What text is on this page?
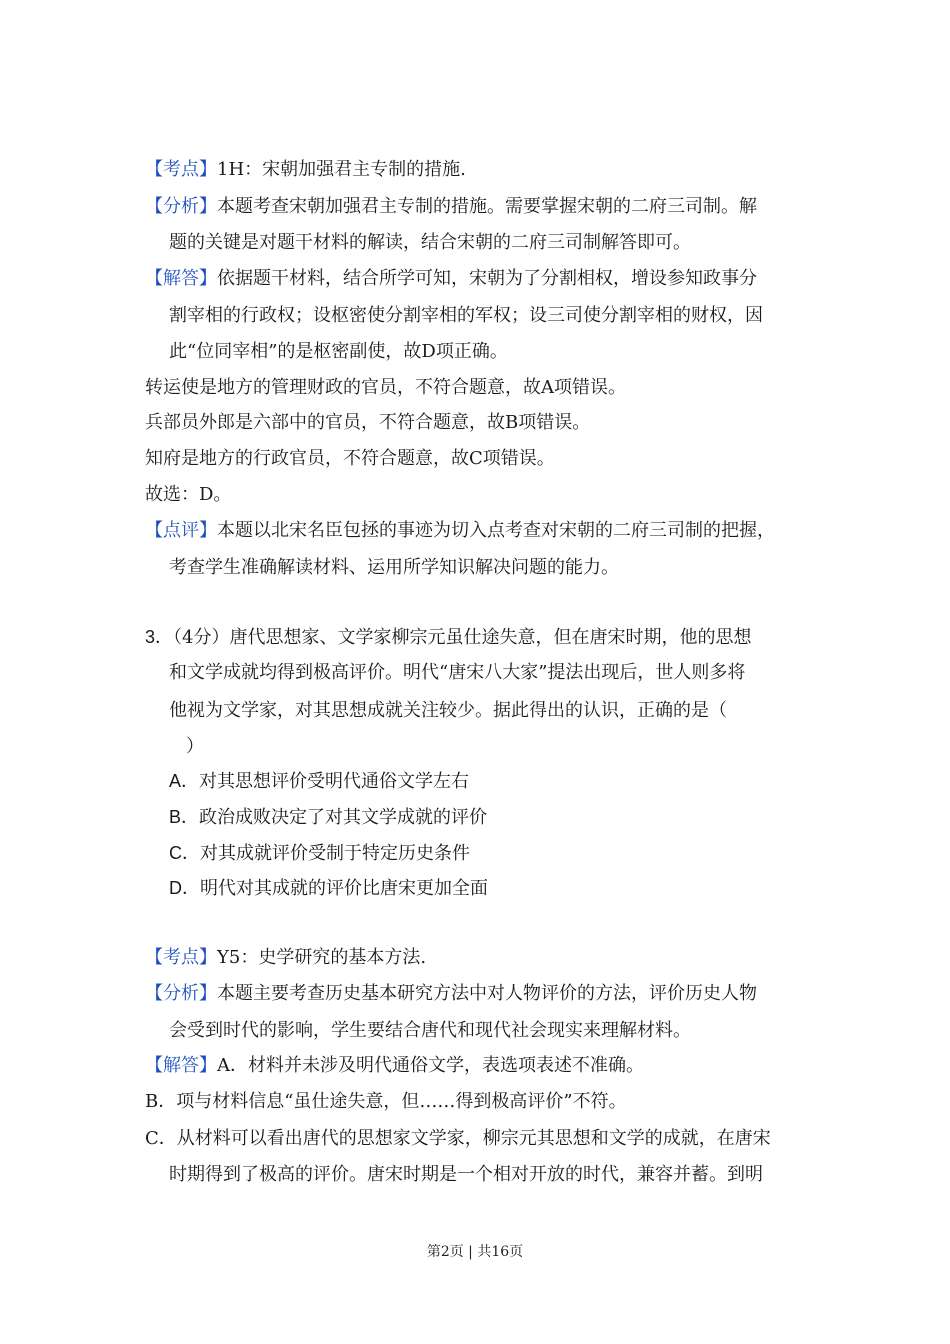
【考点】1H：宋朝加强君主专制的措施.
【分析】本题考查宋朝加强君主专制的措施。需要掌握宋朝的二府三司制。解
题的关键是对题干材料的解读，结合宋朝的二府三司制解答即可。
【解答】依据题干材料，结合所学可知，宋朝为了分割相权，增设参知政事分
割宰相的行政权；设枢密使分割宰相的军权；设三司使分割宰相的财权，因
此“位同宰相”的是枢密副使，故D项正确。
转运使是地方的管理财政的官员，不符合题意，故A项错误。
兵部员外郎是六部中的官员，不符合题意，故B项错误。
知府是地方的行政官员，不符合题意，故C项错误。
故选：D。
【点评】本题以北宋名臣包拯的事迹为切入点考查对宋朝的二府三司制的把握，
考查学生准确解读材料、运用所学知识解决问题的能力。
3．（4分）唐代思想家、文学家柳宗元虽仕途失意，但在唐宋时期，他的思想
和文学成就均得到极高评价。明代“唐宋八大家”提法出现后，世人则多将
他视为文学家，对其思想成就关注较少。据此得出的认识，正确的是（
）
A．对其思想评价受明代通俗文学左右
B．政治成败决定了对其文学成就的评价
C．对其成就评价受制于特定历史条件
D．明代对其成就的评价比唐宋更加全面
【考点】Y5：史学研究的基本方法.
【分析】本题主要考查历史基本研究方法中对人物评价的方法，评价历史人物
会受到时代的影响，学生要结合唐代和现代社会现实来理解材料。
【解答】A．材料并未涉及明代通俗文学，表选项表述不准确。
B．项与材料信息“虽仕途失意，但……得到极高评价”不符。
C．从材料可以看出唐代的思想家文学家，柳宗元其思想和文学的成就，在唐宋
时期得到了极高的评价。唐宋时期是一个相对开放的时代，兼容并蓄。到明
第2页 | 共16页
